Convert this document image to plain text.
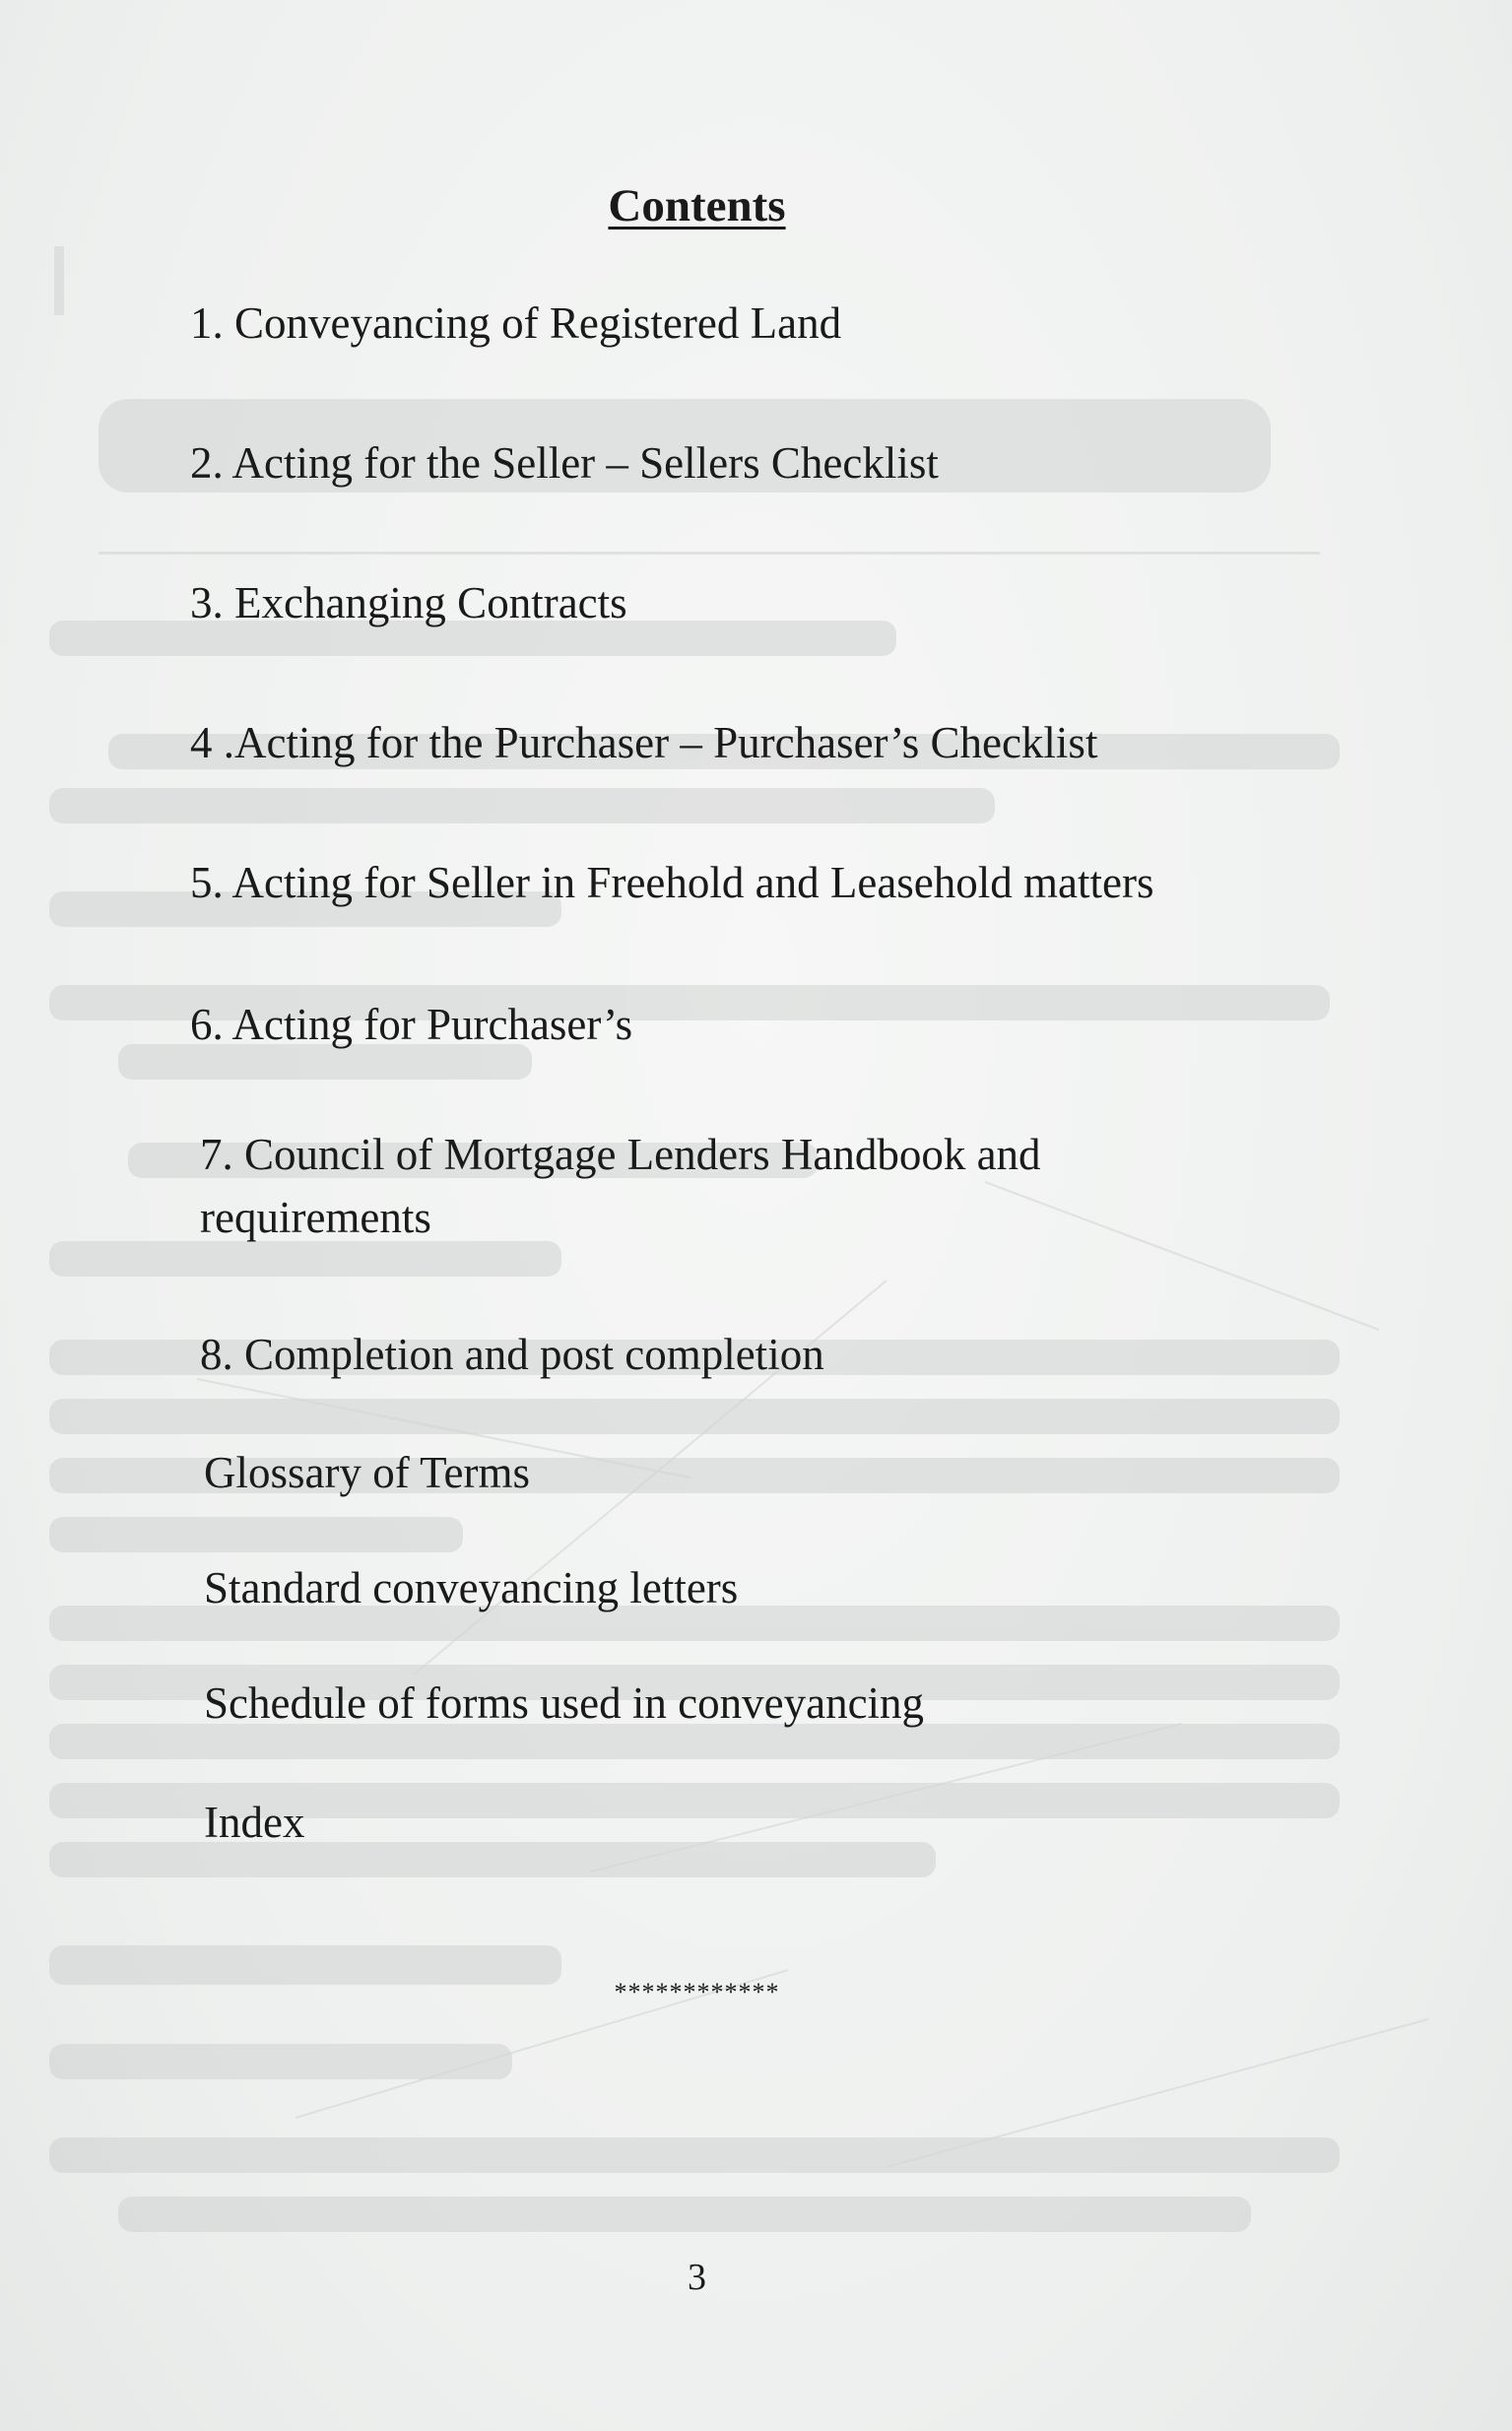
Contents
1. Conveyancing of Registered Land
2. Acting for the Seller – Sellers Checklist
3. Exchanging Contracts
4 .Acting for the Purchaser – Purchaser’s Checklist
5. Acting for Seller in Freehold and Leasehold matters
6. Acting for Purchaser’s
7. Council of Mortgage Lenders Handbook and requirements
8. Completion and post completion
Glossary of Terms
Standard conveyancing letters
Schedule of forms used in conveyancing
Index
************
3
